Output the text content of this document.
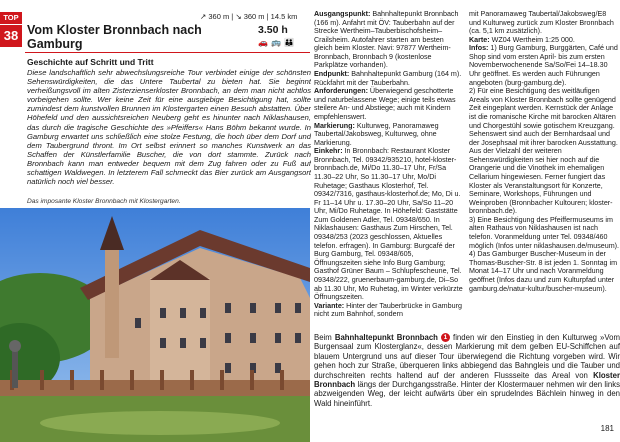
TOP
38
↗ 360 m | ↘ 360 m | 14.5 km
Vom Kloster Bronnbach nach Gamburg
3.50 h
🚗 🚌 👪
Geschichte auf Schritt und Tritt
Diese landschaftlich sehr abwechslungsreiche Tour verbindet einige der schönsten Sehenswürdigkeiten, die das Untere Taubertal zu bieten hat. Sie beginnt verheißungsvoll im alten Zisterzienserkloster Bronnbach, an dem man nicht achtlos vorbeigehen sollte. Wer keine Zeit für eine ausgiebige Besichtigung hat, sollte zumindest dem kunstvollen Brunnen im Klostergarten einen Besuch abstatten. Über Höhefeld und den aussichtsreichen Neuberg geht es hinunter nach Niklashausen, das durch die tragische Geschichte des »Pfeiffers« Hans Böhm bekannt wurde. In Gamburg erwartet uns schließlich eine stolze Festung, die hoch über dem Dorf und dem Taubergrund thront. Im Ort selbst erinnert so manches Kunstwerk an das Schaffen der Künstlerfamilie Buscher, die von dort stammte. Zurück nach Bronnbach kann man entweder bequem mit dem Zug fahren oder zu Fuß auf schattigen Waldwegen. In letzterem Fall schmeckt das Bier zurück am Ausgangsort natürlich noch viel besser.
Das imposante Kloster Bronnbach mit Klostergarten.

Ausgangspunkt: Bahnhaltepunkt Bronnbach (166 m). Anfahrt mit ÖV: Tauberbahn auf der Strecke Wertheim–Tauberbischofsheim–Crailsheim. Autofahrer starten am besten gleich beim Kloster. Navi: 97877 Wertheim-Bronnbach, Bronnbach 9 (kostenlose Parkplätze vorhanden).

Endpunkt: Bahnhaltepunkt Gamburg (164 m). Rückfahrt mit der Tauberbahn.

Anforderungen: Überwiegend geschotterte und naturbelassene Wege; einige teils etwas steilere An- und Abstiege; auch mit Kindern empfehlenswert.

Markierung: Kulturweg, Panoramaweg Taubertal/Jakobsweg, Kulturweg, ohne Markierung.

Einkehr: In Bronnbach: Restaurant Kloster Bronnbach, Tel. 09342/935210, hotel-kloster-bronnbach.de, Mi/Do 11.30–17 Uhr, Fr/Sa 11.30–22 Uhr, So 11.30–17 Uhr, Mo/Di Ruhetage; Gasthaus Klosterhof, Tel. 09342/7316, gasthaus-klosterhof.de; Mo, Di u. Fr 11–14 Uhr u. 17.30–20 Uhr, Sa/So 11–20 Uhr, Mi/Do Ruhetage. In Höhefeld: Gaststätte Zum Goldenen Adler, Tel. 09348/650. In Niklashausen: Gasthaus Zum Hirschen, Tel. 09348/253 (2023 geschlossen, Aktuelles telefon. erfragen). In Gamburg: Burgcafé der Burg Gamburg, Tel. 09348/605, Öffnungszeiten siehe Info Burg Gamburg; Gasthof Grüner Baum – Schlupfescheune, Tel. 09348/222, gruenerbaum-gamburg.de, Di–So ab 11.30 Uhr, Mo Ruhetag, im Winter verkürzte Öffnungszeiten.

Variante: Hinter der Tauberbrücke in Gamburg nicht zum Bahnhof, sondern

mit Panoramaweg Taubertal/Jakobsweg/E8 und Kulturweg zurück zum Kloster Bronnbach (ca. 5,1 km zusätzlich).

Karte: WZ04 Wertheim 1:25 000.

Infos: 1) Burg Gamburg, Burggärten, Café und Shop sind vom ersten April- bis zum ersten Novemberwochenende Sa/So/Fei 14–18.30 Uhr geöffnet. Es werden auch Führungen angeboten (burg-gamburg.de).

2) Für eine Besichtigung des weitläufigen Areals von Kloster Bronnbach sollte genügend Zeit eingeplant werden. Kernstück der Anlage ist die romanische Kirche mit barocken Altären und Chorgestühl sowie gotischem Kreuzgang. Sehenswert sind auch der Bernhardsaal und der Josephsaal mit ihrer barocken Ausstattung. Aus der Vielzahl der weiteren Sehenswürdigkeiten sei hier noch auf die Orangerie und die Vinothek im ehemaligen Cellarium hingewiesen. Ferner fungiert das Kloster als Veranstaltungsort für Konzerte, Seminare, Workshops, Führungen und Weinproben (Bronnbacher Kultouren; kloster-bronnbach.de).

3) Eine Besichtigung des Pfeiffermuseums im alten Rathaus von Niklashausen ist nach telefon. Voranmeldung unter Tel. 09348/460 möglich (Infos unter niklashausen.de/museum).

4) Das Gamburger Buscher-Museum in der Thomas-Buscher-Str. 8 ist jeden 1. Sonntag im Monat 14–17 Uhr und nach Voranmeldung geöffnet (Infos dazu und zum Kulturpfad unter gamburg.de/natur-kultur/buscher-museum).

Beim Bahnhaltepunkt Bronnbach 1 finden wir den Einstieg in den Kulturweg »Vom Burgensaal zum Klosterglanz«, dessen Markierung mit dem gelben EU-Schiffchen auf blauem Untergrund uns auf dieser Tour überwiegend die Richtung vorgeben wird. Wir gehen hoch zur Straße, überqueren links abbiegend das Bahngleis und die Tauber und durchschreiten rechts haltend auf der anderen Flussseite das Areal von Kloster Bronnbach längs der Durchgangsstraße. Hinter der Klostermauer nehmen wir den links abzweigenden Weg, der leicht aufwärts über ein sprudelndes Bächlein hinweg in den Wald hineinführt.
181
